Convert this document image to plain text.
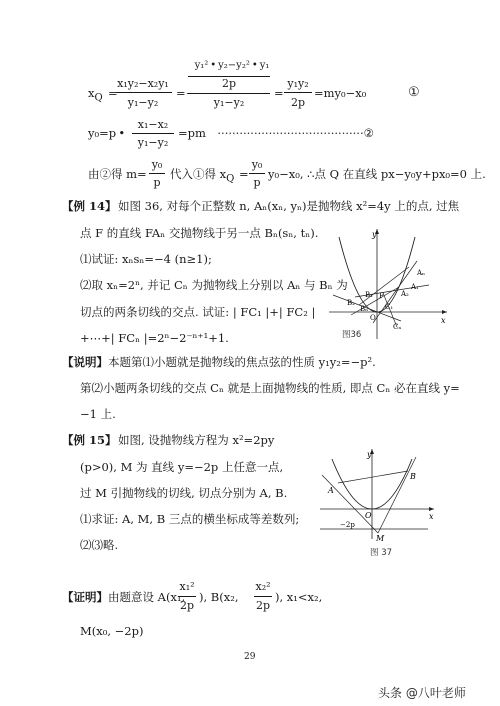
$x_Q$ =
x₁y₂−x₂y₁
y₁−y₂
=−
y₁² • y₂−y₂² • y₁
2p
y₁−y₂
=
y₁y₂
2p
=my₀−x₀	①
y₀=p •
x₁−x₂
y₁−y₂
=pm ········································②
由②得 m=
y₀
p
代入①得 $x_Q$ =
y₀
p
y₀−x₀, ∴点 Q 在直线 px−y₀y+px₀=0 上.
【例 14】 如图 36, 对每个正整数 n, Aₙ(xₙ, yₙ)是抛物线 x²=4y 上的点, 过焦
点 F 的直线 FAₙ 交抛物线于另一点 Bₙ(sₙ, tₙ).
⑴试证: xₙsₙ=−4 (n≥1);
⑵取 xₙ=2ⁿ, 并记 Cₙ 为抛物线上分别以 Aₙ 与 Bₙ 为
切点的两条切线的交点. 试证: | FC₁ |+| FC₂ |
+⋯+| FCₙ |=2ⁿ−2⁻ⁿ⁺¹+1.
y
x
Aₙ
A₁
A₂
F
B₁
B₂
Bₙ
O
C₁
Cₙ
图36
【说明】 本题第⑴小题就是抛物线的焦点弦的性质 y₁y₂=−p².
第⑵小题两条切线的交点 Cₙ 就是上面抛物线的性质, 即点 Cₙ 必在直线 y=
−1 上.
【例 15】 如图, 设抛物线方程为 x²=2py
(p>0), M 为 直线 y=−2p 上任意一点,
过 M 引抛物线的切线, 切点分别为 A, B.
⑴求证: A, M, B 三点的横坐标成等差数列;
⑵⑶略.
y
x
A
B
O
−2p
M
图 37
【证明】 由题意设 A(x₁,
x₁²
2p
), B(x₂,
x₂²
2p
), x₁<x₂,
M(x₀, −2p)
29
头条 @八叶老师
